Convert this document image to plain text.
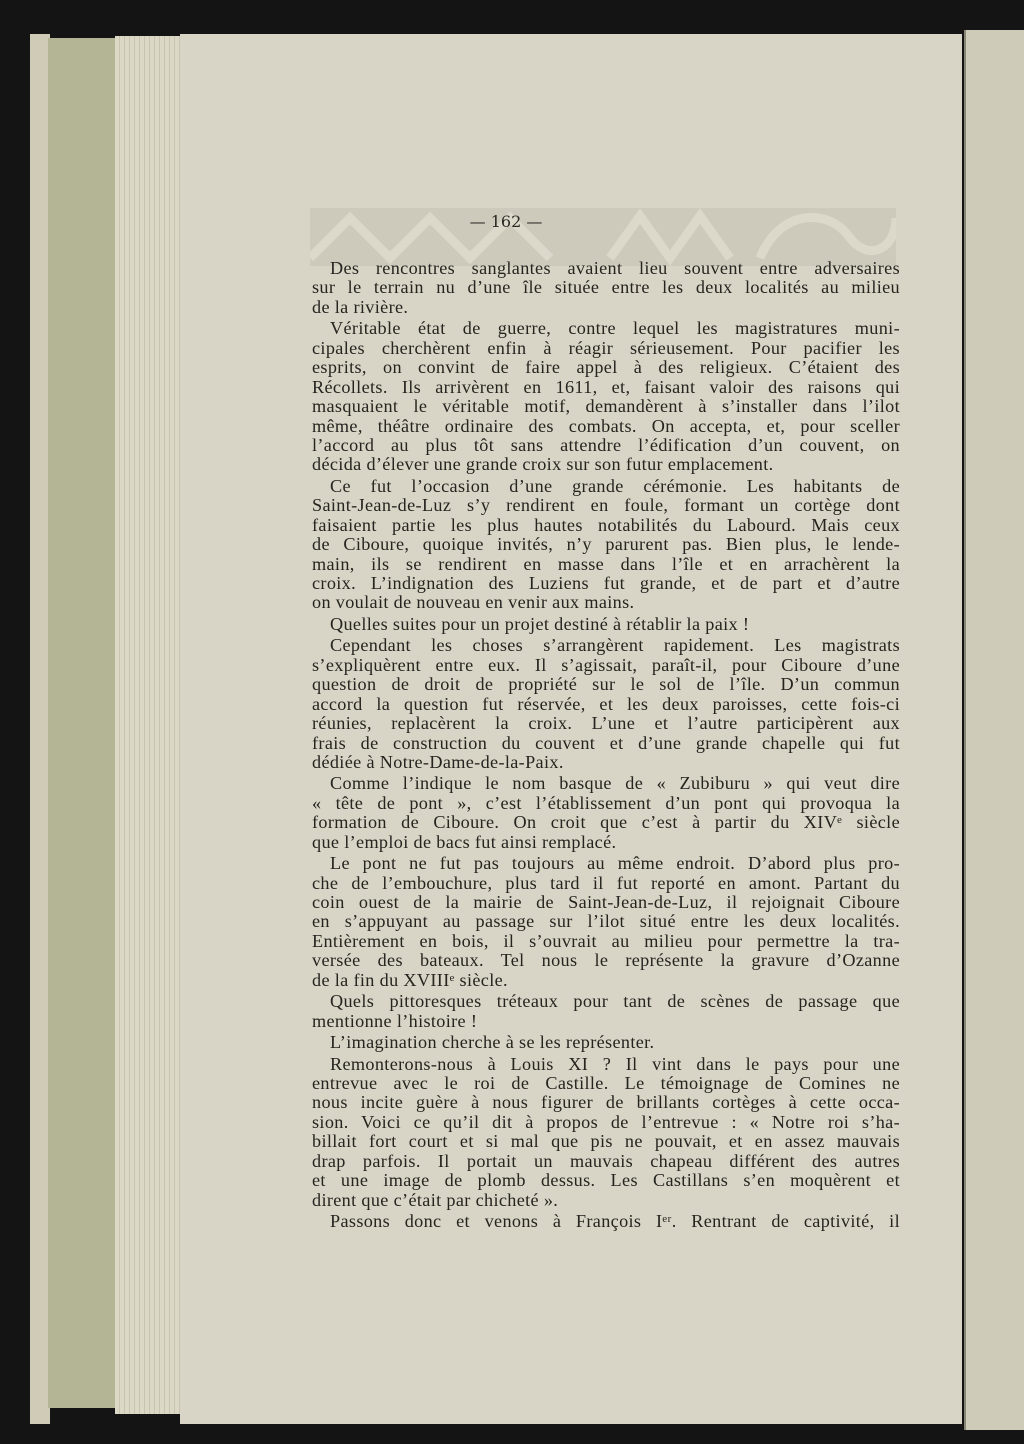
— 162 —
Des rencontres sanglantes avaient lieu souvent entre adversaires
sur le terrain nu d’une île située entre les deux localités au milieu
de la rivière.
Véritable état de guerre, contre lequel les magistratures muni-
cipales cherchèrent enfin à réagir sérieusement. Pour pacifier les
esprits, on convint de faire appel à des religieux. C’étaient des
Récollets. Ils arrivèrent en 1611, et, faisant valoir des raisons qui
masquaient le véritable motif, demandèrent à s’installer dans l’ilot
même, théâtre ordinaire des combats. On accepta, et, pour sceller
l’accord au plus tôt sans attendre l’édification d’un couvent, on
décida d’élever une grande croix sur son futur emplacement.
Ce fut l’occasion d’une grande cérémonie. Les habitants de
Saint-Jean-de-Luz s’y rendirent en foule, formant un cortège dont
faisaient partie les plus hautes notabilités du Labourd. Mais ceux
de Ciboure, quoique invités, n’y parurent pas. Bien plus, le lende-
main, ils se rendirent en masse dans l’île et en arrachèrent la
croix. L’indignation des Luziens fut grande, et de part et d’autre
on voulait de nouveau en venir aux mains.
Quelles suites pour un projet destiné à rétablir la paix !
Cependant les choses s’arrangèrent rapidement. Les magistrats
s’expliquèrent entre eux. Il s’agissait, paraît-il, pour Ciboure d’une
question de droit de propriété sur le sol de l’île. D’un commun
accord la question fut réservée, et les deux paroisses, cette fois-ci
réunies, replacèrent la croix. L’une et l’autre participèrent aux
frais de construction du couvent et d’une grande chapelle qui fut
dédiée à Notre-Dame-de-la-Paix.
Comme l’indique le nom basque de « Zubiburu » qui veut dire
« tête de pont », c’est l’établissement d’un pont qui provoqua la
formation de Ciboure. On croit que c’est à partir du XIVᵉ siècle
que l’emploi de bacs fut ainsi remplacé.
Le pont ne fut pas toujours au même endroit. D’abord plus pro-
che de l’embouchure, plus tard il fut reporté en amont. Partant du
coin ouest de la mairie de Saint-Jean-de-Luz, il rejoignait Ciboure
en s’appuyant au passage sur l’ilot situé entre les deux localités.
Entièrement en bois, il s’ouvrait au milieu pour permettre la tra-
versée des bateaux. Tel nous le représente la gravure d’Ozanne
de la fin du XVIIIᵉ siècle.
Quels pittoresques tréteaux pour tant de scènes de passage que
mentionne l’histoire !
L’imagination cherche à se les représenter.
Remonterons-nous à Louis XI ? Il vint dans le pays pour une
entrevue avec le roi de Castille. Le témoignage de Comines ne
nous incite guère à nous figurer de brillants cortèges à cette occa-
sion. Voici ce qu’il dit à propos de l’entrevue : « Notre roi s’ha-
billait fort court et si mal que pis ne pouvait, et en assez mauvais
drap parfois. Il portait un mauvais chapeau différent des autres
et une image de plomb dessus. Les Castillans s’en moquèrent et
dirent que c’était par chicheté ».
Passons donc et venons à François Iᵉʳ. Rentrant de captivité, il
